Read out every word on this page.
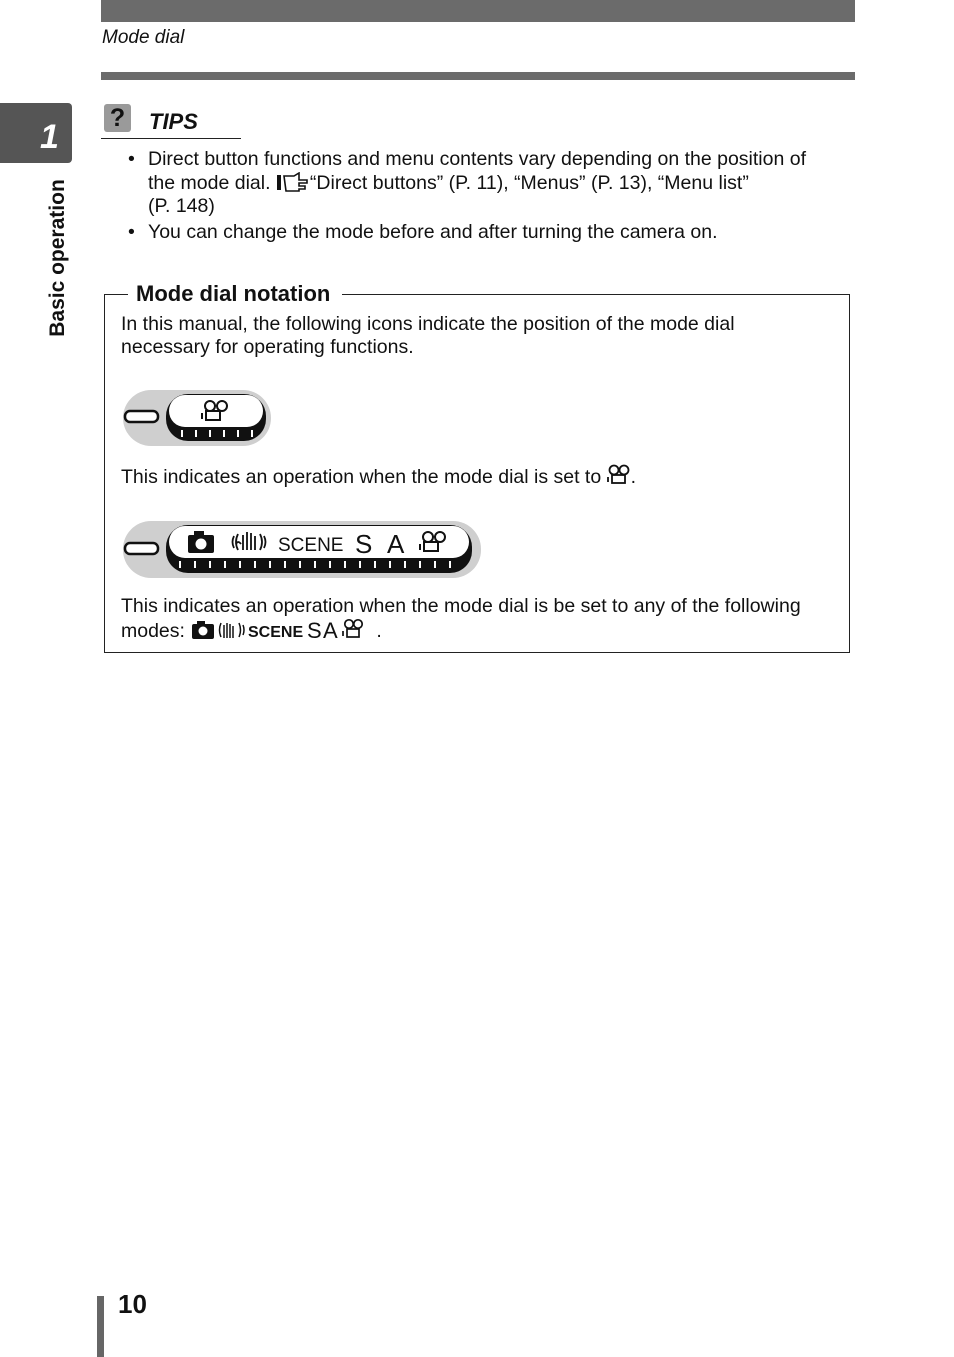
Mode dial
1
Basic operation
? TIPS
• Direct button functions and menu contents vary depending on the position of
the mode dial. “Direct buttons” (P. 11), “Menus” (P. 13), “Menu list”
(P. 148)
• You can change the mode before and after turning the camera on.
Mode dial notation
In this manual, the following icons indicate the position of the mode dial
necessary for operating functions.
This indicates an operation when the mode dial is set to .
SCENE S A
This indicates an operation when the mode dial is be set to any of the following
modes:	SCENE S A .
10
